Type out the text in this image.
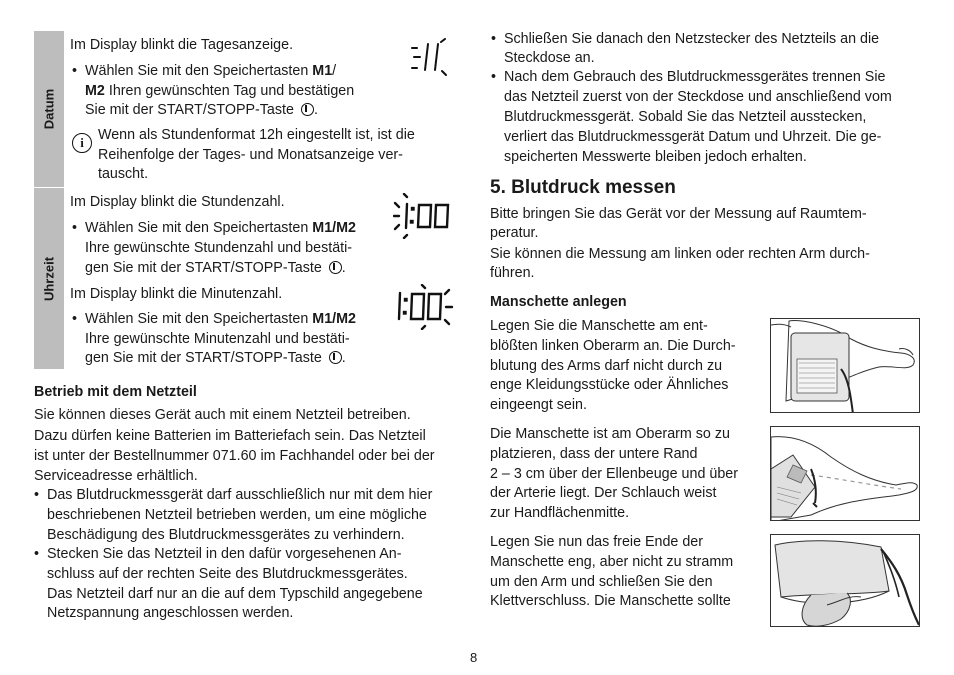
Datum
Uhrzeit
Im Display blinkt die Tagesanzeige.
• Wählen Sie mit den Speichertasten M1/
M2 Ihren gewünschten Tag und bestätigen
Sie mit der START/STOPP-Taste .
i Wenn als Stundenformat 12h eingestellt ist, ist die
Reihenfolge der Tages- und Monatsanzeige ver-
tauscht.
Im Display blinkt die Stundenzahl.
• Wählen Sie mit den Speichertasten M1/M2
Ihre gewünschte Stundenzahl und bestäti-
gen Sie mit der START/STOPP-Taste .
Im Display blinkt die Minutenzahl.
• Wählen Sie mit den Speichertasten M1/M2
Ihre gewünschte Minutenzahl und bestäti-
gen Sie mit der START/STOPP-Taste .
Betrieb mit dem Netzteil
Sie können dieses Gerät auch mit einem Netzteil betreiben.
Dazu dürfen keine Batterien im Batteriefach sein. Das Netzteil
ist unter der Bestellnummer 071.60 im Fachhandel oder bei der
Serviceadresse erhältlich.
• Das Blutdruckmessgerät darf ausschließlich nur mit dem hier
beschriebenen Netzteil betrieben werden, um eine mögliche
Beschädigung des Blutdruckmessgerätes zu verhindern.
• Stecken Sie das Netzteil in den dafür vorgesehenen An-
schluss auf der rechten Seite des Blutdruckmessgerätes.
Das Netzteil darf nur an die auf dem Typschild angegebene
Netzspannung angeschlossen werden.
• Schließen Sie danach den Netzstecker des Netzteils an die
Steckdose an.
• Nach dem Gebrauch des Blutdruckmessgerätes trennen Sie
das Netzteil zuerst von der Steckdose und anschließend vom
Blutdruckmessgerät. Sobald Sie das Netzteil ausstecken,
verliert das Blutdruckmessgerät Datum und Uhrzeit. Die ge-
speicherten Messwerte bleiben jedoch erhalten.
5. Blutdruck messen
Bitte bringen Sie das Gerät vor der Messung auf Raumtem-
peratur.
Sie können die Messung am linken oder rechten Arm durch-
führen.
Manschette anlegen
Legen Sie die Manschette am ent-
blößten linken Oberarm an. Die Durch-
blutung des Arms darf nicht durch zu
enge Kleidungsstücke oder Ähnliches
eingeengt sein.
Die Manschette ist am Oberarm so zu
platzieren, dass der untere Rand
2 – 3 cm über der Ellenbeuge und über
der Arterie liegt. Der Schlauch weist
zur Handflächenmitte.
Legen Sie nun das freie Ende der
Manschette eng, aber nicht zu stramm
um den Arm und schließen Sie den
Klettverschluss. Die Manschette sollte
8
